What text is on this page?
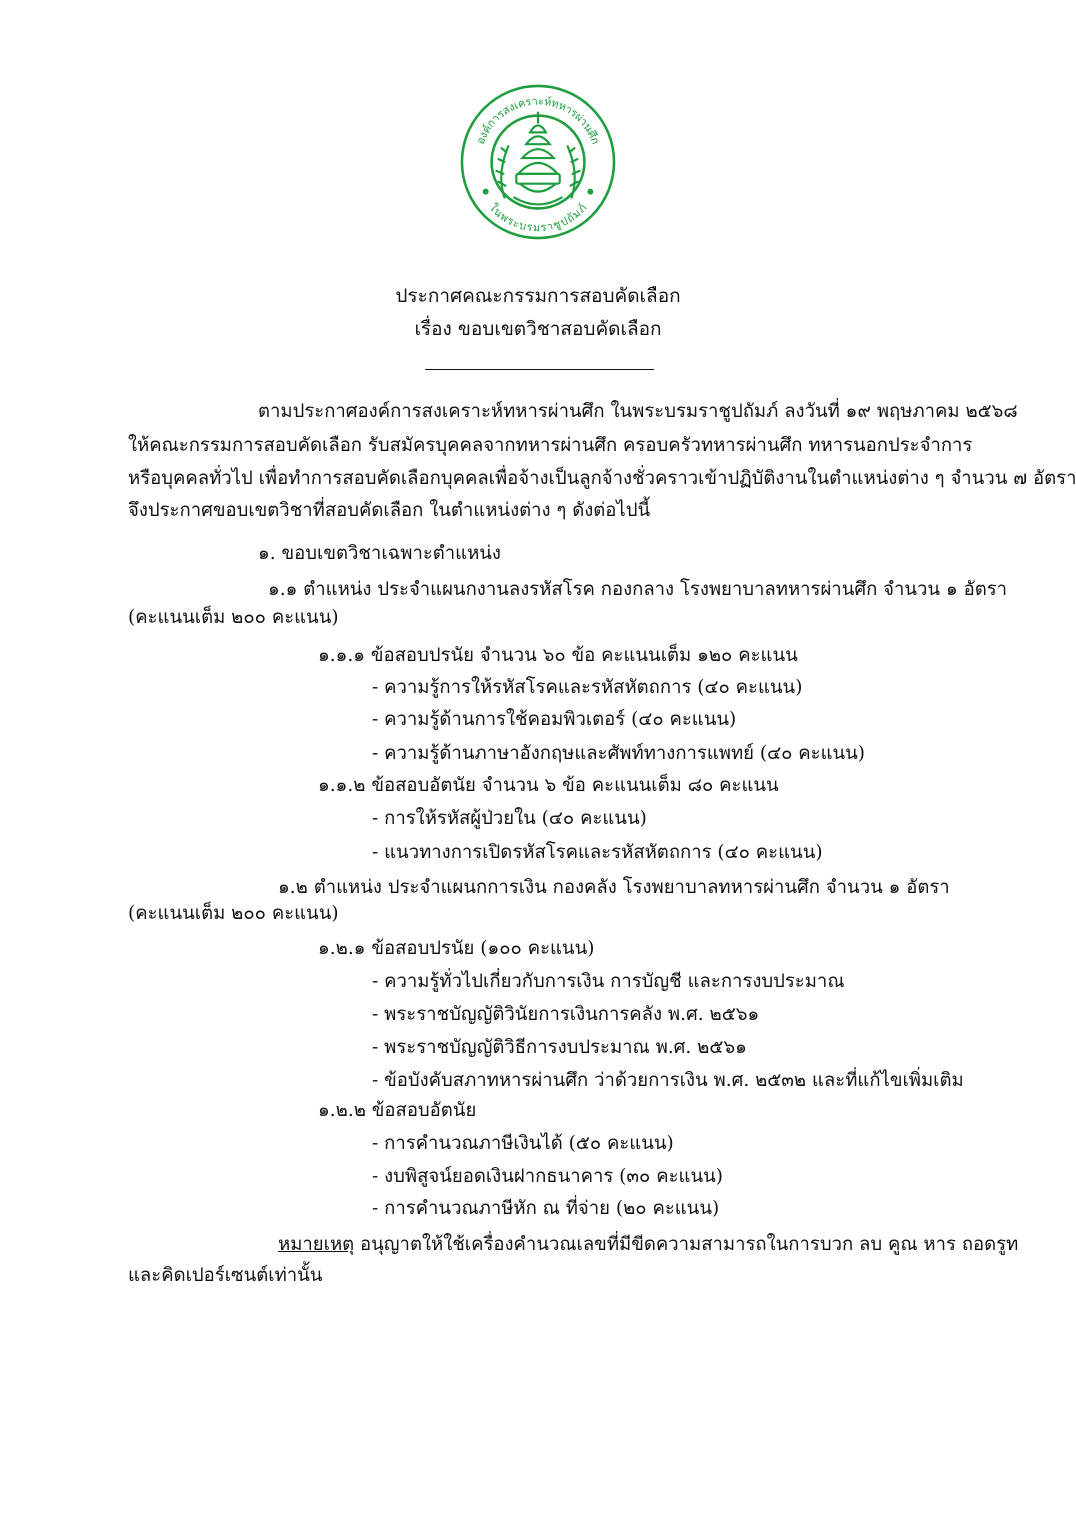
องค์การสงเคราะห์ทหารผ่านศึก
ในพระบรมราชูปถัมภ์
ประกาศคณะกรรมการสอบคัดเลือก
เรื่อง ขอบเขตวิชาสอบคัดเลือก
ตามประกาศองค์การสงเคราะห์ทหารผ่านศึก ในพระบรมราชูปถัมภ์ ลงวันที่ ๑๙ พฤษภาคม ๒๕๖๘
ให้คณะกรรมการสอบคัดเลือก รับสมัครบุคคลจากทหารผ่านศึก ครอบครัวทหารผ่านศึก ทหารนอกประจำการ
หรือบุคคลทั่วไป เพื่อทำการสอบคัดเลือกบุคคลเพื่อจ้างเป็นลูกจ้างชั่วคราวเข้าปฏิบัติงานในตำแหน่งต่าง ๆ จำนวน ๗ อัตรา
จึงประกาศขอบเขตวิชาที่สอบคัดเลือก ในตำแหน่งต่าง ๆ ดังต่อไปนี้
๑. ขอบเขตวิชาเฉพาะตำแหน่ง
๑.๑ ตำแหน่ง ประจำแผนกงานลงรหัสโรค กองกลาง โรงพยาบาลทหารผ่านศึก จำนวน ๑ อัตรา
(คะแนนเต็ม ๒๐๐ คะแนน)
๑.๑.๑ ข้อสอบปรนัย จำนวน ๖๐ ข้อ คะแนนเต็ม ๑๒๐ คะแนน
- ความรู้การให้รหัสโรคและรหัสหัตถการ (๔๐ คะแนน)
- ความรู้ด้านการใช้คอมพิวเตอร์ (๔๐ คะแนน)
- ความรู้ด้านภาษาอังกฤษและศัพท์ทางการแพทย์ (๔๐ คะแนน)
๑.๑.๒ ข้อสอบอัตนัย จำนวน ๖ ข้อ คะแนนเต็ม ๘๐ คะแนน
- การให้รหัสผู้ป่วยใน (๔๐ คะแนน)
- แนวทางการเปิดรหัสโรคและรหัสหัตถการ (๔๐ คะแนน)
๑.๒ ตำแหน่ง ประจำแผนกการเงิน กองคลัง โรงพยาบาลทหารผ่านศึก จำนวน ๑ อัตรา
(คะแนนเต็ม ๒๐๐ คะแนน)
๑.๒.๑ ข้อสอบปรนัย (๑๐๐ คะแนน)
- ความรู้ทั่วไปเกี่ยวกับการเงิน การบัญชี และการงบประมาณ
- พระราชบัญญัติวินัยการเงินการคลัง พ.ศ. ๒๕๖๑
- พระราชบัญญัติวิธีการงบประมาณ พ.ศ. ๒๕๖๑
- ข้อบังคับสภาทหารผ่านศึก ว่าด้วยการเงิน พ.ศ. ๒๕๓๒ และที่แก้ไขเพิ่มเติม
๑.๒.๒ ข้อสอบอัตนัย
- การคำนวณภาษีเงินได้ (๕๐ คะแนน)
- งบพิสูจน์ยอดเงินฝากธนาคาร (๓๐ คะแนน)
- การคำนวณภาษีหัก ณ ที่จ่าย (๒๐ คะแนน)
หมายเหตุ อนุญาตให้ใช้เครื่องคำนวณเลขที่มีขีดความสามารถในการบวก ลบ คูณ หาร ถอดรูท
และคิดเปอร์เซนต์เท่านั้น
